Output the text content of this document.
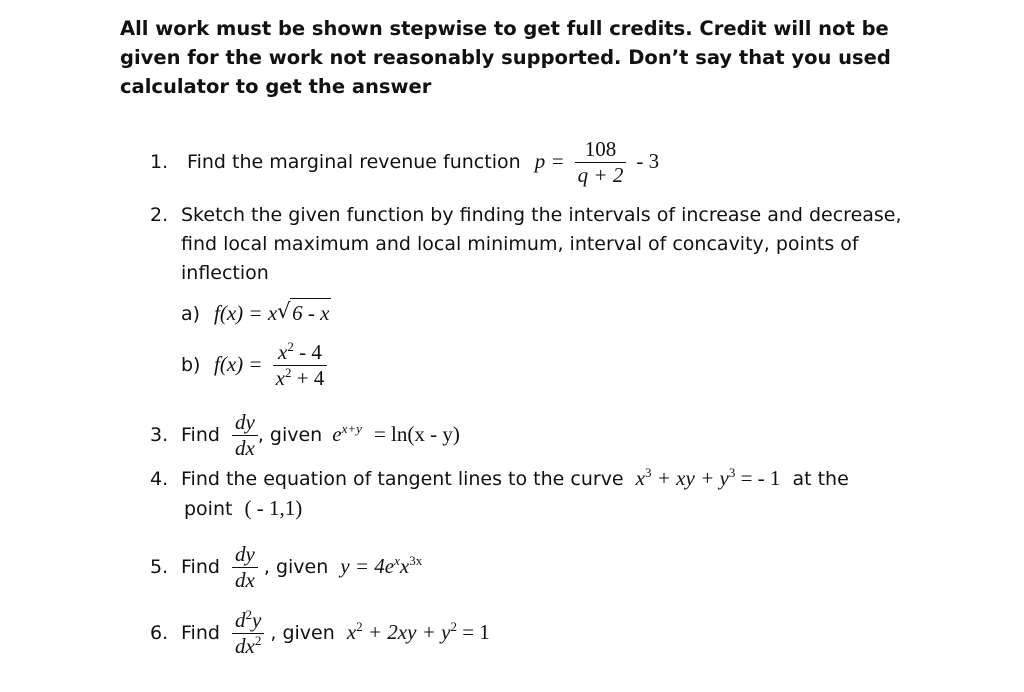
All work must be shown stepwise to get full credits. Credit will not be given for the work not reasonably supported. Don’t say that you used calculator to get the answer

1. Find the marginal revenue function $p = \frac{108}{q + 2} - 3$
2. Sketch the given function by finding the intervals of increase and decrease,
find local maximum and local minimum, interval of concavity, points of
inflection
a) f(x) = x√ 6 - x
b) $f(x) = \frac{x^2 - 4}{x^2 + 4}$
3. Find $\frac{dy}{dx}$ , given $e^{x+y} = \ln(x - y)$
4. Find the equation of tangent lines to the curve $x^3$ + xy + $y^3$ = - 1 at the
point ( - 1,1)
5. Find $\frac{dy}{dx}$ , given $y = 4e^xx^{3x}$
6. Find $\frac{d^2y}{dx^2}$ , given $x^2 + 2xy + y^2 = 1$
